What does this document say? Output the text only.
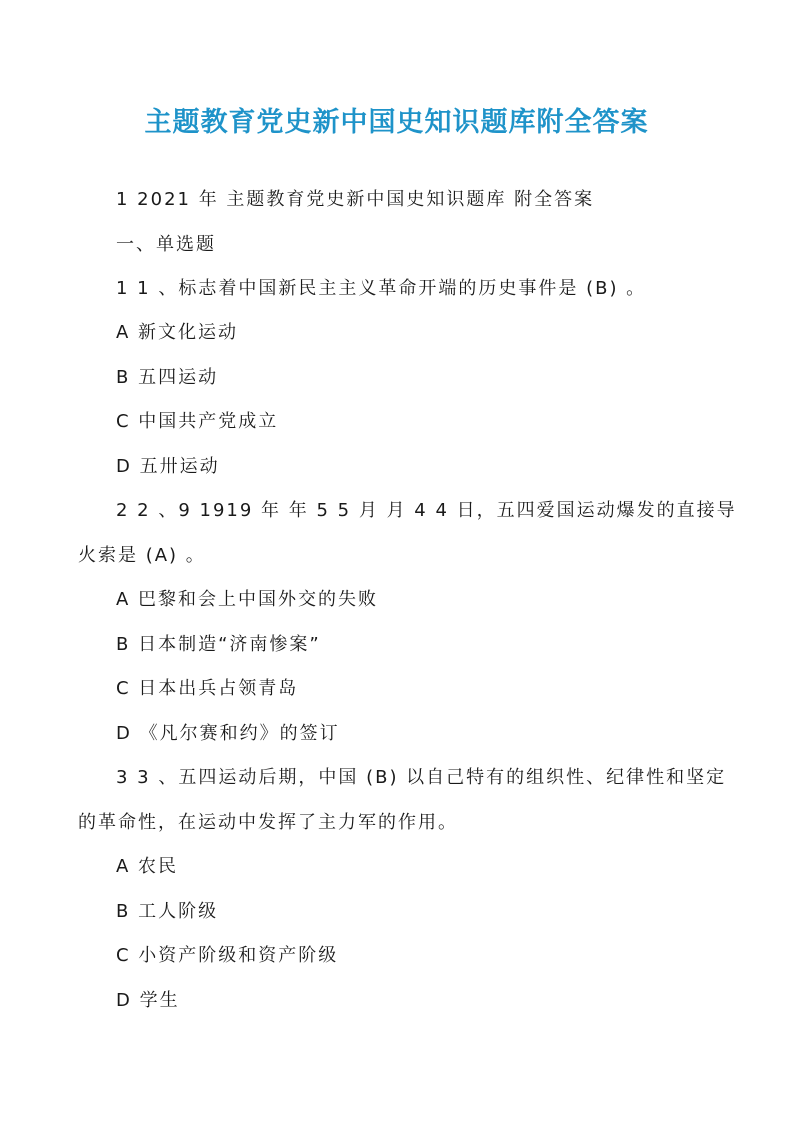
主题教育党史新中国史知识题库附全答案
1 2021 年 主题教育党史新中国史知识题库 附全答案
一、单选题
1 1 、标志着中国新民主主义革命开端的历史事件是 (B) 。
A 新文化运动
B 五四运动
C 中国共产党成立
D 五卅运动
2 2 、9 1919 年 年 5 5 月 月 4 4 日，五四爱国运动爆发的直接导
火索是 (A) 。
A 巴黎和会上中国外交的失败
B 日本制造“济南惨案”
C 日本出兵占领青岛
D 《凡尔赛和约》的签订
3 3 、五四运动后期，中国 (B) 以自己特有的组织性、纪律性和坚定
的革命性，在运动中发挥了主力军的作用。
A 农民
B 工人阶级
C 小资产阶级和资产阶级
D 学生
